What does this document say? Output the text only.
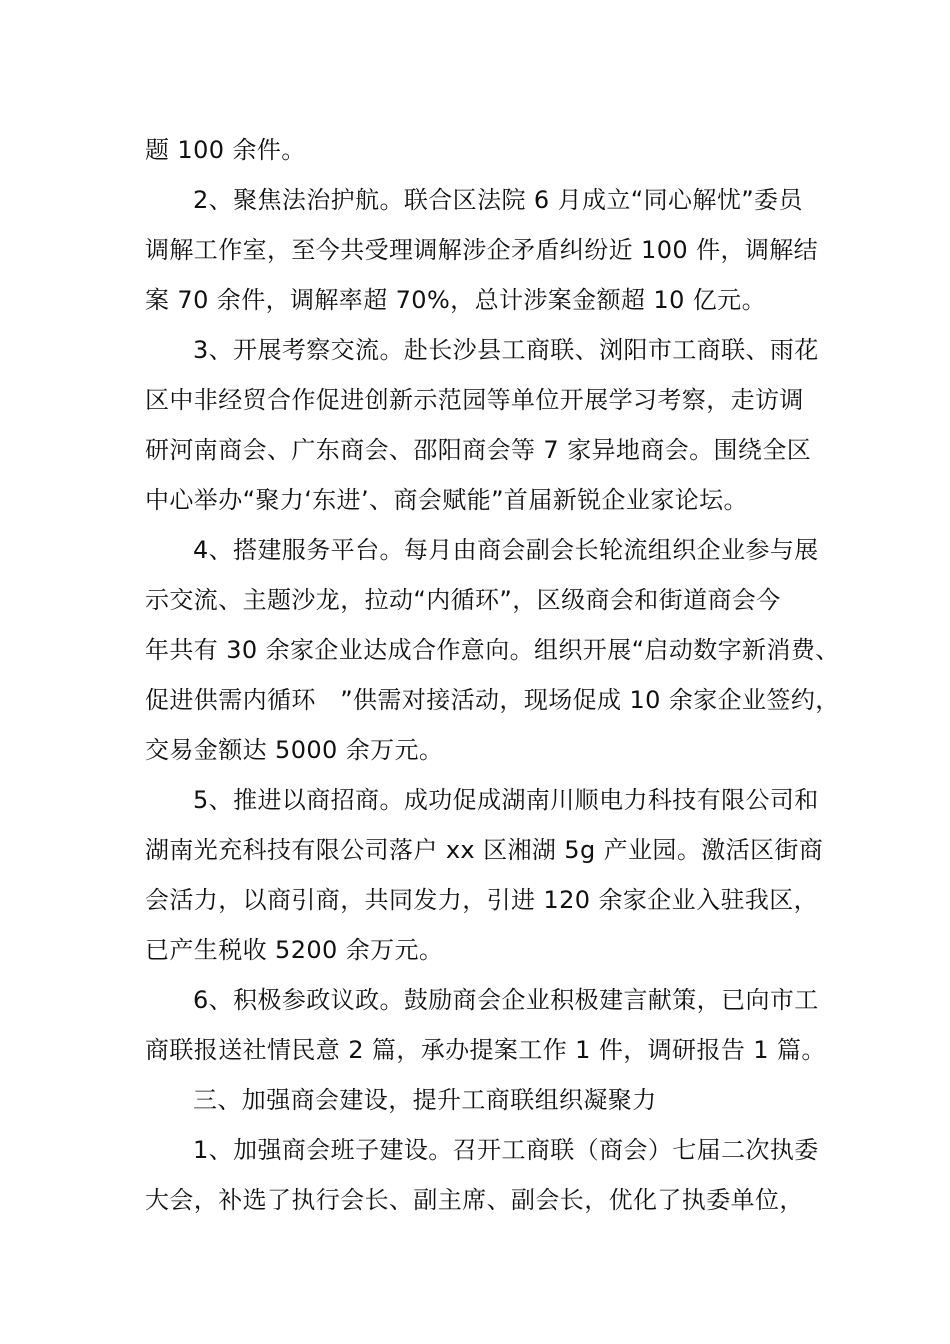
题 100 余件。
2、聚焦法治护航。联合区法院 6 月成立“同心解忧”委员
调解工作室，至今共受理调解涉企矛盾纠纷近 100 件，调解结
案 70 余件，调解率超 70%，总计涉案金额超 10 亿元。
3、开展考察交流。赴长沙县工商联、浏阳市工商联、雨花
区中非经贸合作促进创新示范园等单位开展学习考察，走访调
研河南商会、广东商会、邵阳商会等 7 家异地商会。围绕全区
中心举办“聚力‘东进’、商会赋能”首届新锐企业家论坛。
4、搭建服务平台。每月由商会副会长轮流组织企业参与展
示交流、主题沙龙，拉动“内循环”，区级商会和街道商会今
年共有 30 余家企业达成合作意向。组织开展“启动数字新消费、
促进供需内循环　”供需对接活动，现场促成 10 余家企业签约，
交易金额达 5000 余万元。
5、推进以商招商。成功促成湖南川顺电力科技有限公司和
湖南光充科技有限公司落户 xx 区湘湖 5g 产业园。激活区街商
会活力，以商引商，共同发力，引进 120 余家企业入驻我区，
已产生税收 5200 余万元。
6、积极参政议政。鼓励商会企业积极建言献策，已向市工
商联报送社情民意 2 篇，承办提案工作 1 件，调研报告 1 篇。
三、加强商会建设，提升工商联组织凝聚力
1、加强商会班子建设。召开工商联（商会）七届二次执委
大会，补选了执行会长、副主席、副会长，优化了执委单位，
